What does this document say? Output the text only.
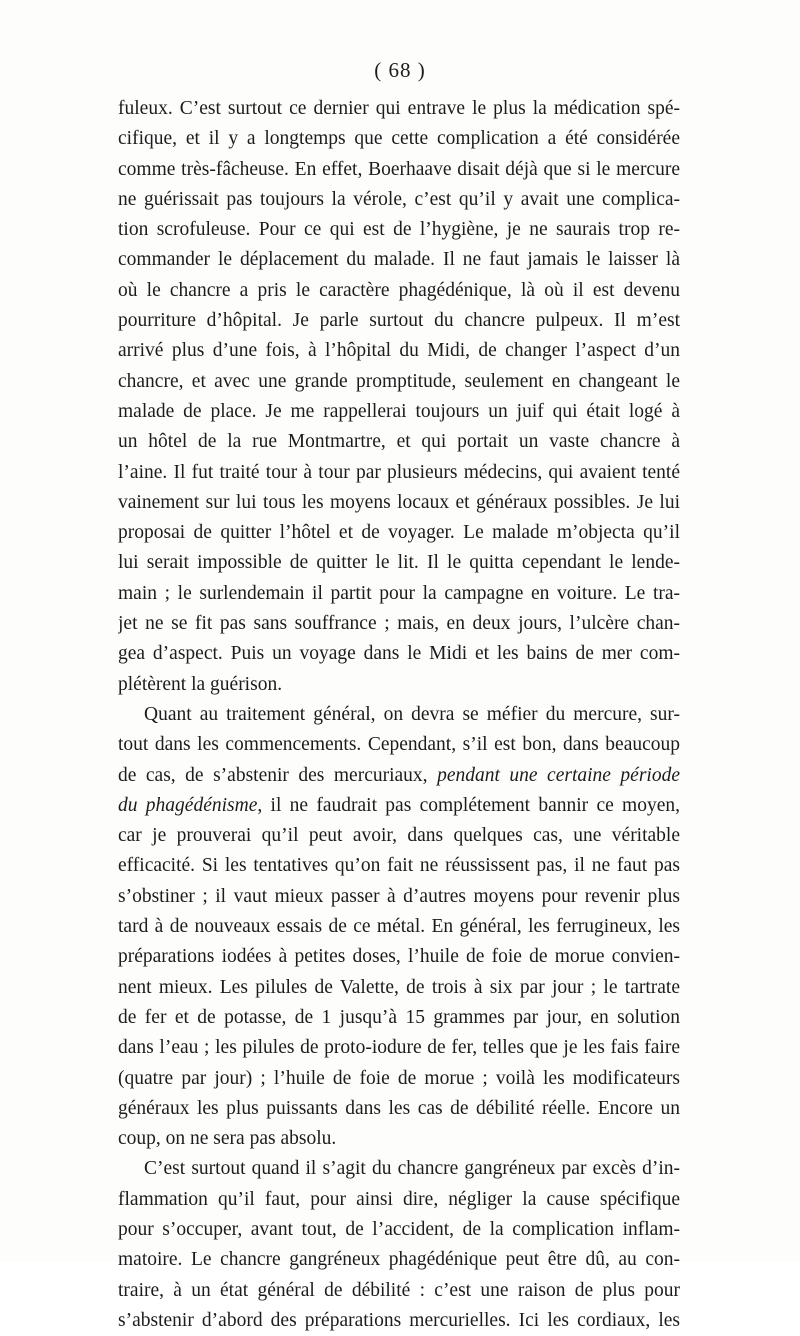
( 68 )
fuleux. C’est surtout ce dernier qui entrave le plus la médication spé-
cifique, et il y a longtemps que cette complication a été considérée
comme très-fâcheuse. En effet, Boerhaave disait déjà que si le mercure
ne guérissait pas toujours la vérole, c’est qu’il y avait une complica-
tion scrofuleuse. Pour ce qui est de l’hygiène, je ne saurais trop re-
commander le déplacement du malade. Il ne faut jamais le laisser là
où le chancre a pris le caractère phagédénique, là où il est devenu
pourriture d’hôpital. Je parle surtout du chancre pulpeux. Il m’est
arrivé plus d’une fois, à l’hôpital du Midi, de changer l’aspect d’un
chancre, et avec une grande promptitude, seulement en changeant le
malade de place. Je me rappellerai toujours un juif qui était logé à
un hôtel de la rue Montmartre, et qui portait un vaste chancre à
l’aine. Il fut traité tour à tour par plusieurs médecins, qui avaient tenté
vainement sur lui tous les moyens locaux et généraux possibles. Je lui
proposai de quitter l’hôtel et de voyager. Le malade m’objecta qu’il
lui serait impossible de quitter le lit. Il le quitta cependant le lende-
main ; le surlendemain il partit pour la campagne en voiture. Le tra-
jet ne se fit pas sans souffrance ; mais, en deux jours, l’ulcère chan-
gea d’aspect. Puis un voyage dans le Midi et les bains de mer com-
plétèrent la guérison.
Quant au traitement général, on devra se méfier du mercure, sur-
tout dans les commencements. Cependant, s’il est bon, dans beaucoup
de cas, de s’abstenir des mercuriaux, pendant une certaine période
du phagédénisme, il ne faudrait pas complétement bannir ce moyen,
car je prouverai qu’il peut avoir, dans quelques cas, une véritable
efficacité. Si les tentatives qu’on fait ne réussissent pas, il ne faut pas
s’obstiner ; il vaut mieux passer à d’autres moyens pour revenir plus
tard à de nouveaux essais de ce métal. En général, les ferrugineux, les
préparations iodées à petites doses, l’huile de foie de morue convien-
nent mieux. Les pilules de Valette, de trois à six par jour ; le tartrate
de fer et de potasse, de 1 jusqu’à 15 grammes par jour, en solution
dans l’eau ; les pilules de proto-iodure de fer, telles que je les fais faire
(quatre par jour) ; l’huile de foie de morue ; voilà les modificateurs
généraux les plus puissants dans les cas de débilité réelle. Encore un
coup, on ne sera pas absolu.
C’est surtout quand il s’agit du chancre gangréneux par excès d’in-
flammation qu’il faut, pour ainsi dire, négliger la cause spécifique
pour s’occuper, avant tout, de l’accident, de la complication inflam-
matoire. Le chancre gangréneux phagédénique peut être dû, au con-
traire, à un état général de débilité : c’est une raison de plus pour
s’abstenir d’abord des préparations mercurielles. Ici les cordiaux, les
